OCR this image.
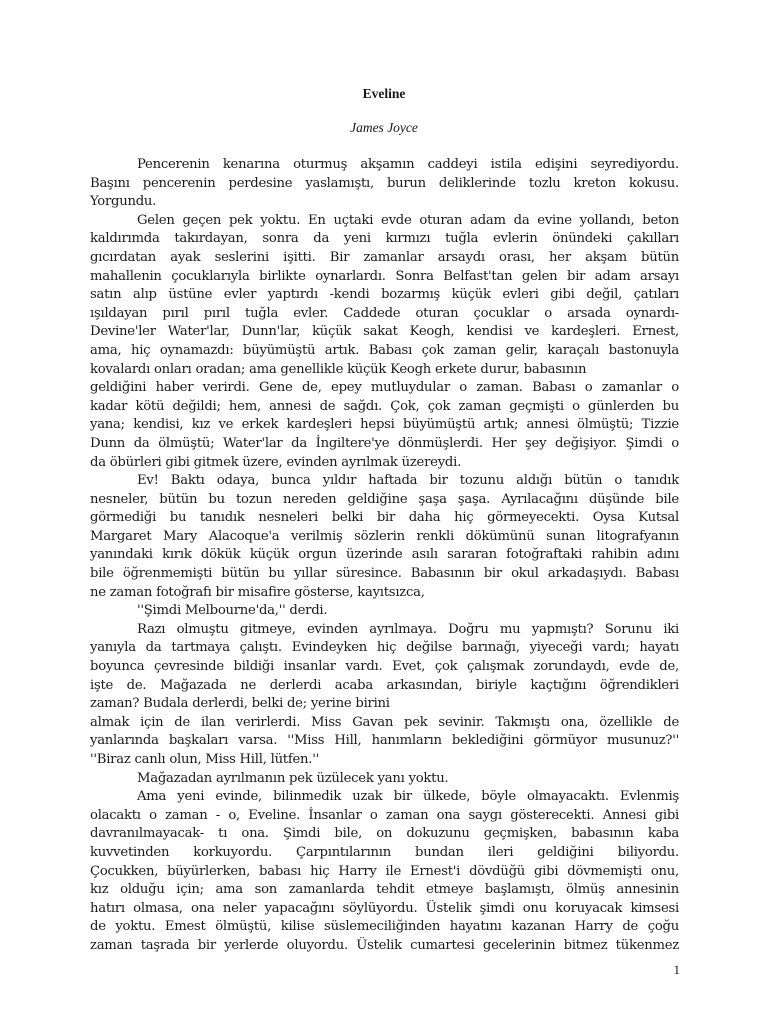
Eveline
James Joyce
Pencerenin kenarına oturmuş akşamın caddeyi istila edişini seyrediyordu.
Başını pencerenin perdesine yaslamıştı, burun deliklerinde tozlu kreton kokusu.
Yorgundu.
Gelen geçen pek yoktu. En uçtaki evde oturan adam da evine yollandı, beton
kaldırımda takırdayan, sonra da yeni kırmızı tuğla evlerin önündeki çakılları
gıcırdatan ayak seslerini işitti. Bir zamanlar arsaydı orası, her akşam bütün
mahallenin çocuklarıyla birlikte oynarlardı. Sonra Belfast'tan gelen bir adam arsayı
satın alıp üstüne evler yaptırdı -kendi bozarmış küçük evleri gibi değil, çatıları
ışıldayan pırıl pırıl tuğla evler. Caddede oturan çocuklar o arsada oynardı-
Devine'ler Water'lar, Dunn'lar, küçük sakat Keogh, kendisi ve kardeşleri. Ernest,
ama, hiç oynamazdı: büyümüştü artık. Babası çok zaman gelir, karaçalı bastonuyla
kovalardı onları oradan; ama genellikle küçük Keogh erkete durur, babasının
geldiğini haber verirdi. Gene de, epey mutluydular o zaman. Babası o zamanlar o
kadar kötü değildi; hem, annesi de sağdı. Çok, çok zaman geçmişti o günlerden bu
yana; kendisi, kız ve erkek kardeşleri hepsi büyümüştü artık; annesi ölmüştü; Tizzie
Dunn da ölmüştü; Water'lar da İngiltere'ye dönmüşlerdi. Her şey değişiyor. Şimdi o
da öbürleri gibi gitmek üzere, evinden ayrılmak üzereydi.
Ev! Baktı odaya, bunca yıldır haftada bir tozunu aldığı bütün o tanıdık
nesneler, bütün bu tozun nereden geldiğine şaşa şaşa. Ayrılacağını düşünde bile
görmediği bu tanıdık nesneleri belki bir daha hiç görmeyecekti. Oysa Kutsal
Margaret Mary Alacoque'a verilmiş sözlerin renkli dökümünü sunan litografyanın
yanındaki kırık dökük küçük orgun üzerinde asılı sararan fotoğraftaki rahibin adını
bile öğrenmemişti bütün bu yıllar süresince. Babasının bir okul arkadaşıydı. Babası
ne zaman fotoğrafı bir misafire gösterse, kayıtsızca,
''Şimdi Melbourne'da,'' derdi.
Razı olmuştu gitmeye, evinden ayrılmaya. Doğru mu yapmıştı? Sorunu iki
yanıyla da tartmaya çalıştı. Evindeyken hiç değilse barınağı, yiyeceği vardı; hayatı
boyunca çevresinde bildiği insanlar vardı. Evet, çok çalışmak zorundaydı, evde de,
işte de. Mağazada ne derlerdi acaba arkasından, biriyle kaçtığını öğrendikleri
zaman? Budala derlerdi, belki de; yerine birini
almak için de ilan verirlerdi. Miss Gavan pek sevinir. Takmıştı ona, özellikle de
yanlarında başkaları varsa. ''Miss Hill, hanımların beklediğini görmüyor musunuz?''
''Biraz canlı olun, Miss Hill, lütfen.''
Mağazadan ayrılmanın pek üzülecek yanı yoktu.
Ama yeni evinde, bilinmedik uzak bir ülkede, böyle olmayacaktı. Evlenmiş
olacaktı o zaman - o, Eveline. İnsanlar o zaman ona saygı gösterecekti. Annesi gibi
davranılmayacak- tı ona. Şimdi bile, on dokuzunu geçmişken, babasının kaba
kuvvetinden korkuyordu. Çarpıntılarının bundan ileri geldiğini biliyordu.
Çocukken, büyürlerken, babası hiç Harry ile Ernest'i dövdüğü gibi dövmemişti onu,
kız olduğu için; ama son zamanlarda tehdit etmeye başlamıştı, ölmüş annesinin
hatırı olmasa, ona neler yapacağını söylüyordu. Üstelik şimdi onu koruyacak kimsesi
de yoktu. Emest ölmüştü, kilise süslemeciliğinden hayatını kazanan Harry de çoğu
zaman taşrada bir yerlerde oluyordu. Üstelik cumartesi gecelerinin bitmez tükenmez
1
